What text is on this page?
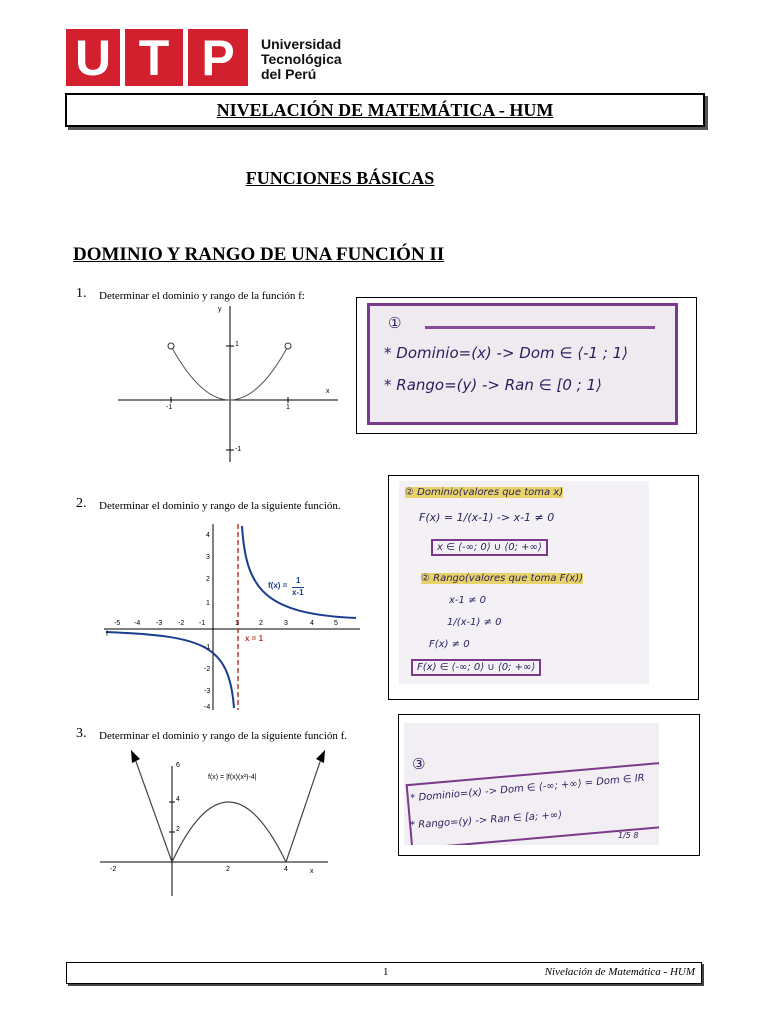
U T P	Universidad
Tecnológica
del Perú
NIVELACIÓN DE MATEMÁTICA - HUM
FUNCIONES BÁSICAS
DOMINIO Y RANGO DE UNA FUNCIÓN II
1. Determinar el dominio y rango de la función f:
y
x
1
-1	1
-1
①
* Dominio=(x) -> Dom ∈ ⟨-1 ; 1⟩
* Rango=(y) -> Ran ∈ [0 ; 1⟩
2. Determinar el dominio y rango de la siguiente función.
f(x) =
1
x-1
x = 1
f
4
3
2
1
-1
-2
-3
-4
-5 -4 -3 -2 -1	1	2	3	4	5
② Dominio(valores que toma x)
F(x) = 1/(x-1) -> x-1 ≠ 0
x ∈ ⟨-∞; 0⟩ ∪ ⟨0; +∞⟩
② Rango(valores que toma F(x))
x-1 ≠ 0
1/(x-1) ≠ 0
F(x) ≠ 0
F(x) ∈ ⟨-∞; 0⟩ ∪ ⟨0; +∞⟩
3. Determinar el dominio y rango de la siguiente función f.
f(x) = |f(x)(x²)-4|
6
4
2
-2	2	4	x
③
* Dominio=(x) -> Dom ∈ ⟨-∞; +∞⟩ = Dom ∈ IR
* Rango=(y) -> Ran ∈ [a; +∞⟩
1/5 8
1	Nivelación de Matemática - HUM
